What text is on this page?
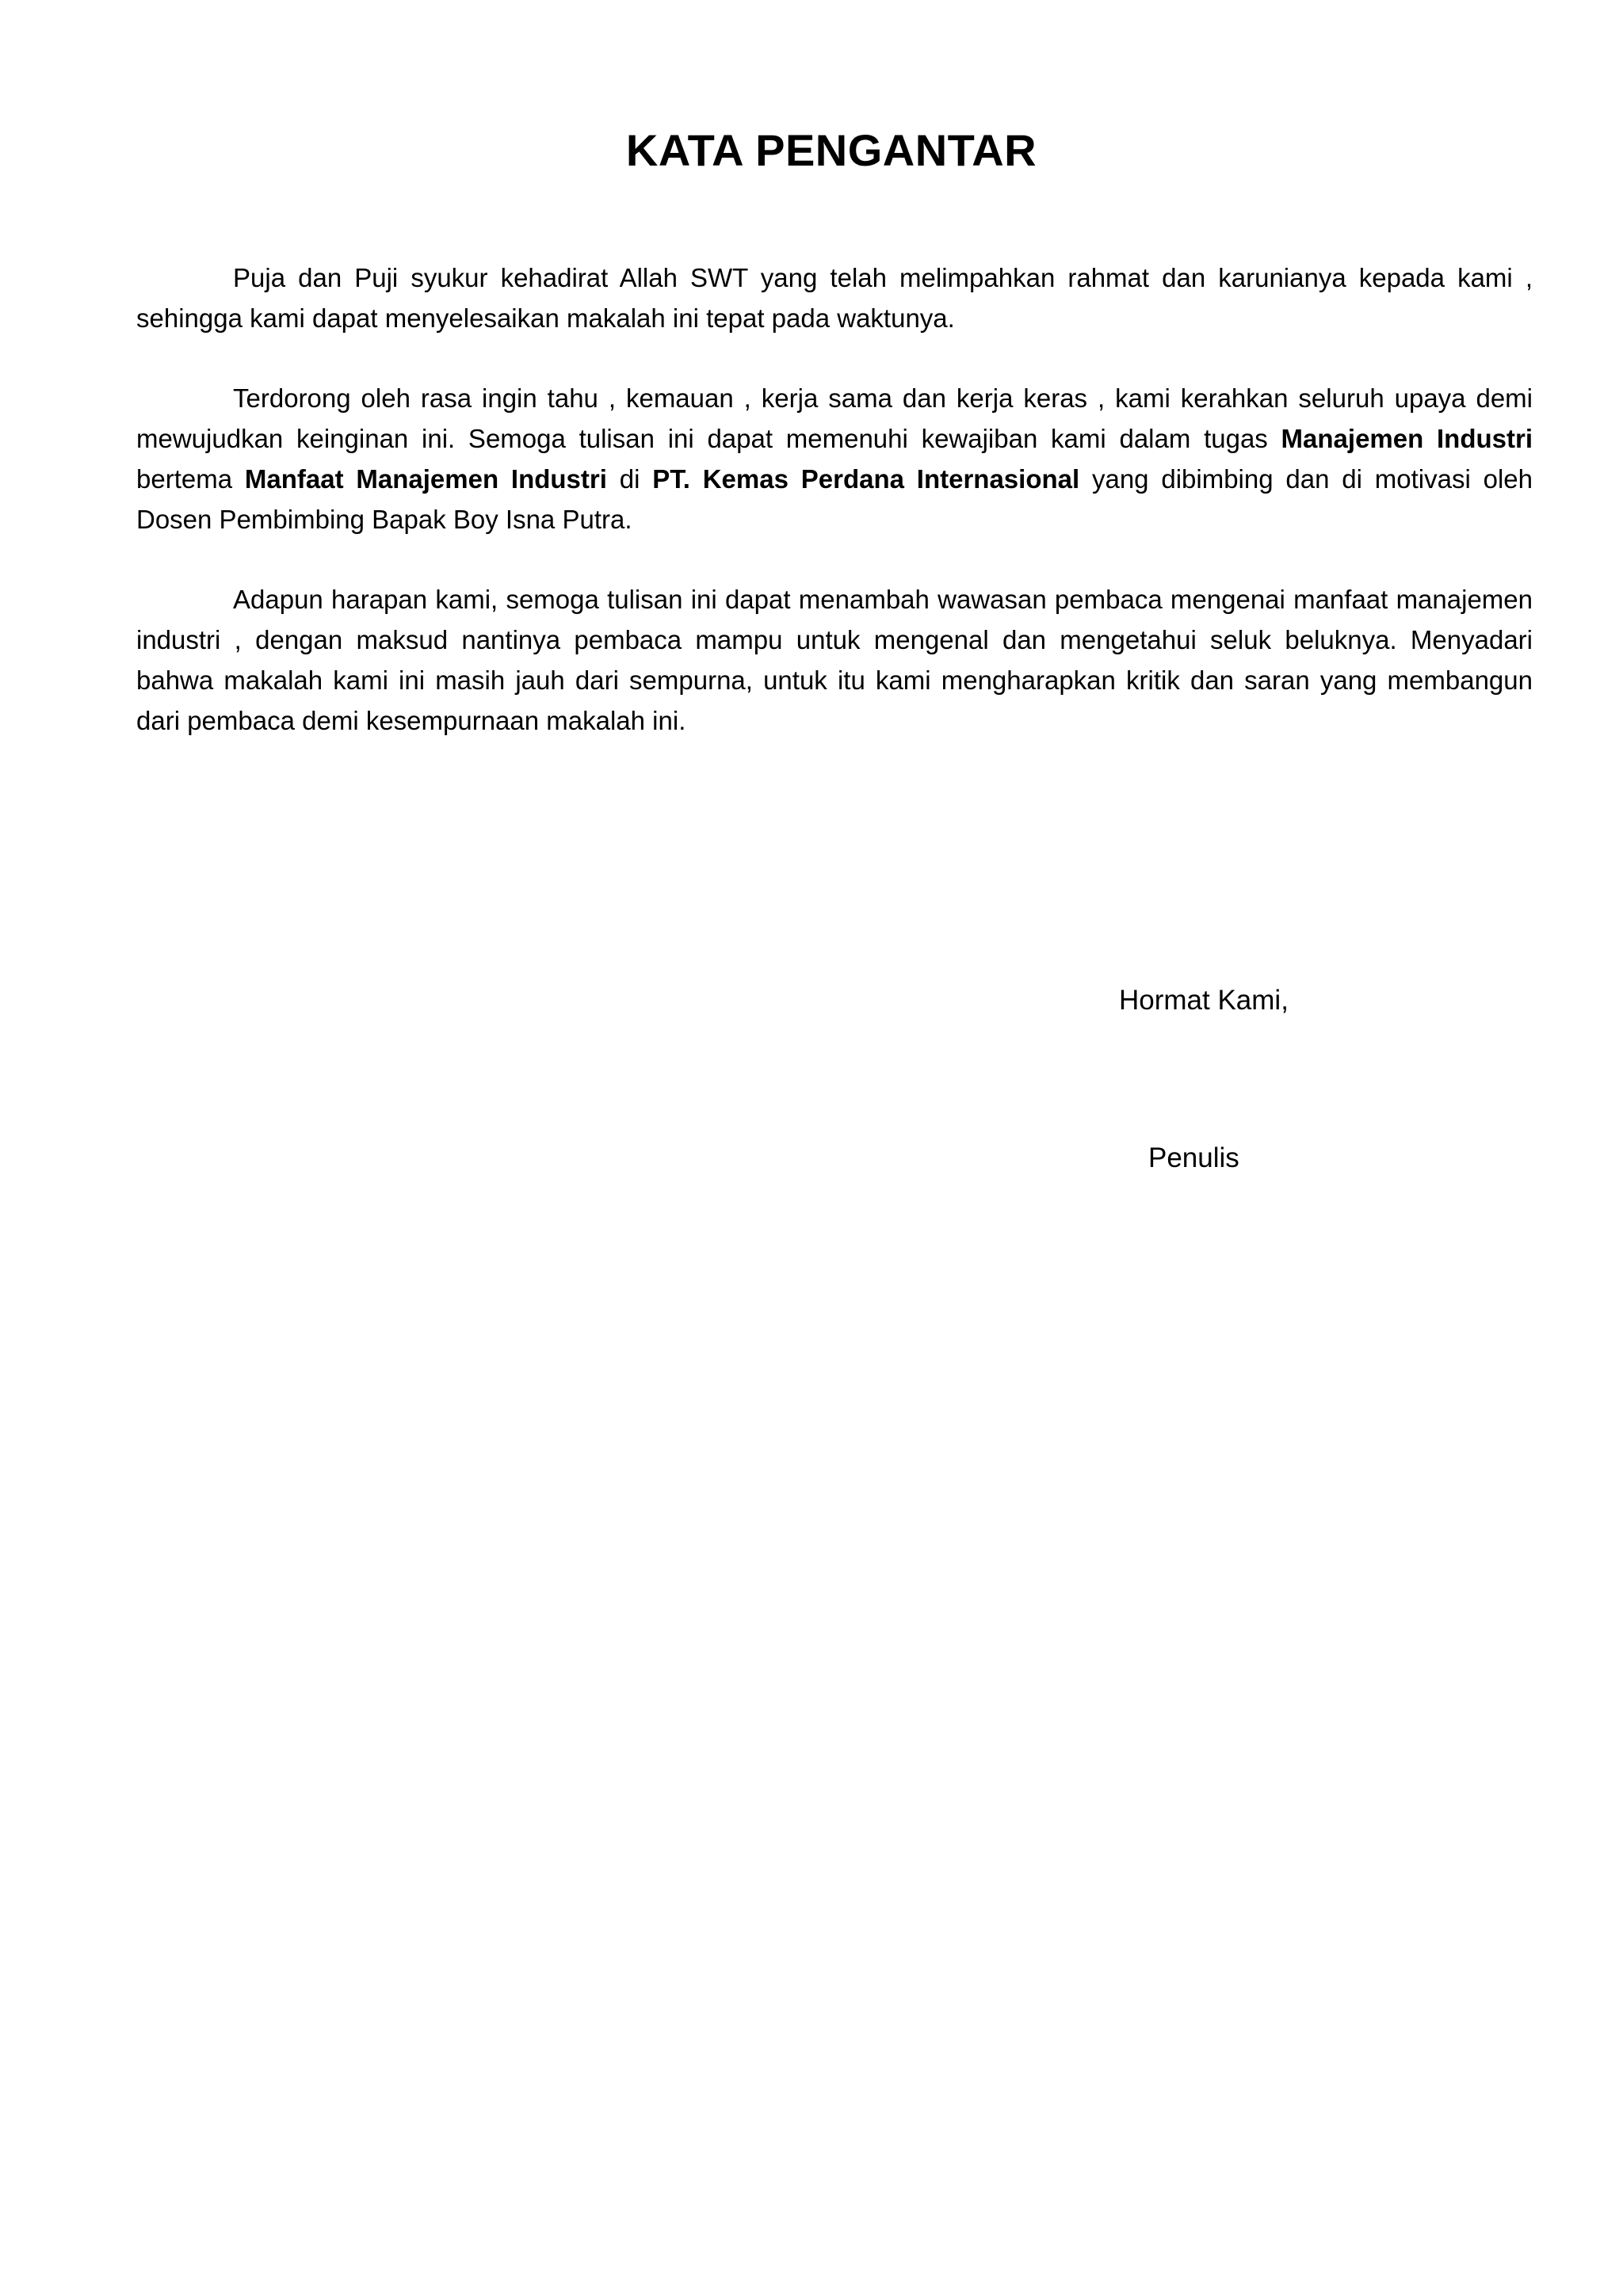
KATA PENGANTAR

Puja dan Puji syukur kehadirat Allah SWT yang telah melimpahkan rahmat dan karunianya kepada kami , sehingga kami dapat menyelesaikan makalah ini tepat pada waktunya.

Terdorong oleh rasa ingin tahu , kemauan , kerja sama dan kerja keras , kami kerahkan seluruh upaya demi mewujudkan keinginan ini. Semoga tulisan ini dapat memenuhi kewajiban kami dalam tugas Manajemen Industri bertema Manfaat Manajemen Industri di PT. Kemas Perdana Internasional yang dibimbing dan di motivasi oleh Dosen Pembimbing Bapak Boy Isna Putra.

Adapun harapan kami, semoga tulisan ini dapat menambah wawasan pembaca mengenai manfaat manajemen industri , dengan maksud nantinya pembaca mampu untuk mengenal dan mengetahui seluk beluknya. Menyadari bahwa makalah kami ini masih jauh dari sempurna, untuk itu kami mengharapkan kritik dan saran yang membangun dari pembaca demi kesempurnaan makalah ini.

Hormat Kami,
Penulis
